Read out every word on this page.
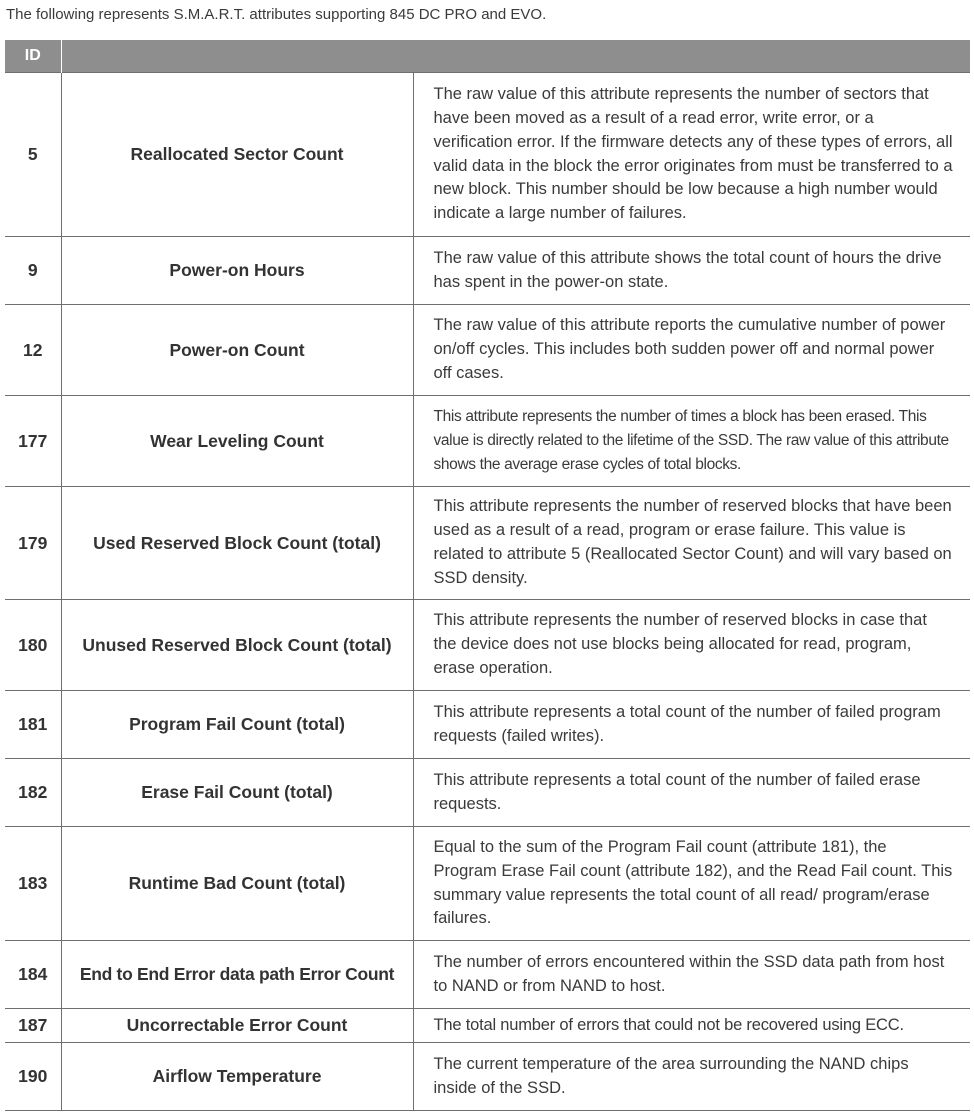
The following represents S.M.A.R.T. attributes supporting 845 DC PRO and EVO.
ID		
5	Reallocated Sector Count	The raw value of this attribute represents the number of sectors that have been moved as a result of a read error, write error, or a verification error. If the firmware detects any of these types of errors, all valid data in the block the error originates from must be transferred to a new block. This number should be low because a high number would indicate a large number of failures.
9	Power-on Hours	The raw value of this attribute shows the total count of hours the drive has spent in the power-on state.
12	Power-on Count	The raw value of this attribute reports the cumulative number of power on/off cycles. This includes both sudden power off and normal power off cases.
177	Wear Leveling Count	This attribute represents the number of times a block has been erased. This value is directly related to the lifetime of the SSD. The raw value of this attribute shows the average erase cycles of total blocks.
179	Used Reserved Block Count (total)	This attribute represents the number of reserved blocks that have been used as a result of a read, program or erase failure. This value is related to attribute 5 (Reallocated Sector Count) and will vary based on SSD density.
180	Unused Reserved Block Count (total)	This attribute represents the number of reserved blocks in case that the device does not use blocks being allocated for read, program, erase operation.
181	Program Fail Count (total)	This attribute represents a total count of the number of failed program requests (failed writes).
182	Erase Fail Count (total)	This attribute represents a total count of the number of failed erase requests.
183	Runtime Bad Count (total)	Equal to the sum of the Program Fail count (attribute 181), the Program Erase Fail count (attribute 182), and the Read Fail count. This summary value represents the total count of all read/ program/erase failures.
184	End to End Error data path Error Count	The number of errors encountered within the SSD data path from host to NAND or from NAND to host.
187	Uncorrectable Error Count	The total number of errors that could not be recovered using ECC.
190	Airflow Temperature	The current temperature of the area surrounding the NAND chips inside of the SSD.
